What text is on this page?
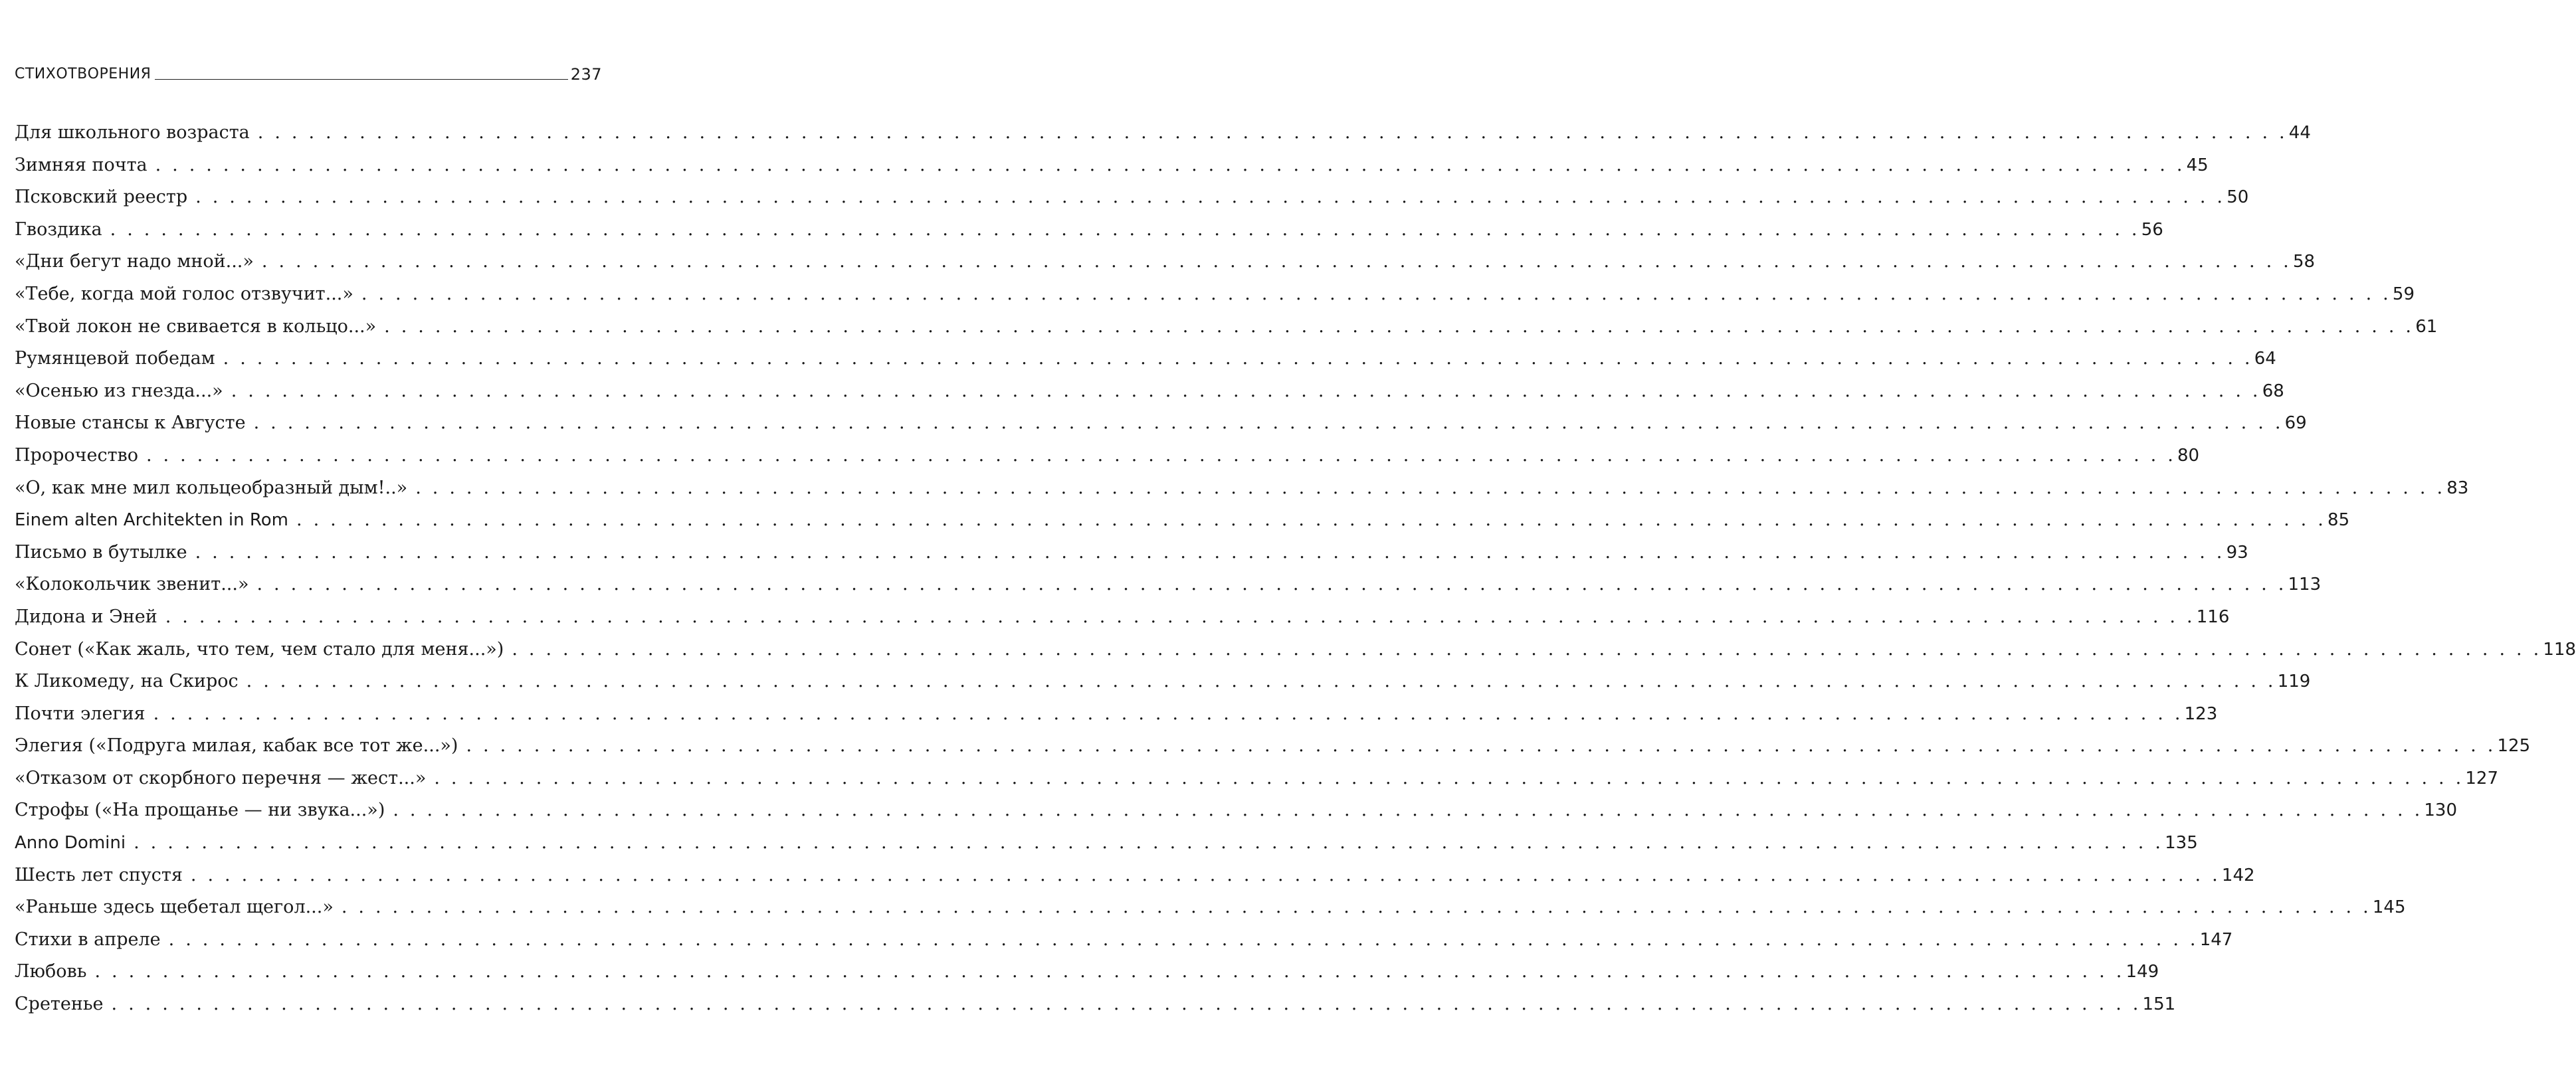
СТИХОТВОРЕНИЯ	237
Для школьного возраста . . . . . . . . . . . . . . . . . . . . . . . . . . . . . . . . . . . . . . . . . . . . . . . . . . . . . . . . . . . . . . . . . . . . . . . . . . . . . . . . . . . . . . . . . . . . . . . . . . . . . . . . . . . . . . . . . . . . . . . . 44
Зимняя почта . . . . . . . . . . . . . . . . . . . . . . . . . . . . . . . . . . . . . . . . . . . . . . . . . . . . . . . . . . . . . . . . . . . . . . . . . . . . . . . . . . . . . . . . . . . . . . . . . . . . . . . . . . . . . . . . . . . . . . . . 45
Псковский реестр . . . . . . . . . . . . . . . . . . . . . . . . . . . . . . . . . . . . . . . . . . . . . . . . . . . . . . . . . . . . . . . . . . . . . . . . . . . . . . . . . . . . . . . . . . . . . . . . . . . . . . . . . . . . . . . . . . . . . . . . 50
Гвоздика . . . . . . . . . . . . . . . . . . . . . . . . . . . . . . . . . . . . . . . . . . . . . . . . . . . . . . . . . . . . . . . . . . . . . . . . . . . . . . . . . . . . . . . . . . . . . . . . . . . . . . . . . . . . . . . . . . . . . . . . 56
«Дни бегут надо мной...» . . . . . . . . . . . . . . . . . . . . . . . . . . . . . . . . . . . . . . . . . . . . . . . . . . . . . . . . . . . . . . . . . . . . . . . . . . . . . . . . . . . . . . . . . . . . . . . . . . . . . . . . . . . . . . . . . . . . . . . . 58
«Тебе, когда мой голос отзвучит...» . . . . . . . . . . . . . . . . . . . . . . . . . . . . . . . . . . . . . . . . . . . . . . . . . . . . . . . . . . . . . . . . . . . . . . . . . . . . . . . . . . . . . . . . . . . . . . . . . . . . . . . . . . . . . . . . . . . . . . . . 59
«Твой локон не свивается в кольцо...» . . . . . . . . . . . . . . . . . . . . . . . . . . . . . . . . . . . . . . . . . . . . . . . . . . . . . . . . . . . . . . . . . . . . . . . . . . . . . . . . . . . . . . . . . . . . . . . . . . . . . . . . . . . . . . . . . . . . . . . . 61
Румянцевой победам . . . . . . . . . . . . . . . . . . . . . . . . . . . . . . . . . . . . . . . . . . . . . . . . . . . . . . . . . . . . . . . . . . . . . . . . . . . . . . . . . . . . . . . . . . . . . . . . . . . . . . . . . . . . . . . . . . . . . . . . 64
«Осенью из гнезда...» . . . . . . . . . . . . . . . . . . . . . . . . . . . . . . . . . . . . . . . . . . . . . . . . . . . . . . . . . . . . . . . . . . . . . . . . . . . . . . . . . . . . . . . . . . . . . . . . . . . . . . . . . . . . . . . . . . . . . . . . 68
Новые стансы к Августе . . . . . . . . . . . . . . . . . . . . . . . . . . . . . . . . . . . . . . . . . . . . . . . . . . . . . . . . . . . . . . . . . . . . . . . . . . . . . . . . . . . . . . . . . . . . . . . . . . . . . . . . . . . . . . . . . . . . . . . . 69
Пророчество . . . . . . . . . . . . . . . . . . . . . . . . . . . . . . . . . . . . . . . . . . . . . . . . . . . . . . . . . . . . . . . . . . . . . . . . . . . . . . . . . . . . . . . . . . . . . . . . . . . . . . . . . . . . . . . . . . . . . . . . 80
«О, как мне мил кольцеобразный дым!..» . . . . . . . . . . . . . . . . . . . . . . . . . . . . . . . . . . . . . . . . . . . . . . . . . . . . . . . . . . . . . . . . . . . . . . . . . . . . . . . . . . . . . . . . . . . . . . . . . . . . . . . . . . . . . . . . . . . . . . . . 83
Einem alten Architekten in Rom . . . . . . . . . . . . . . . . . . . . . . . . . . . . . . . . . . . . . . . . . . . . . . . . . . . . . . . . . . . . . . . . . . . . . . . . . . . . . . . . . . . . . . . . . . . . . . . . . . . . . . . . . . . . . . . . . . . . . . . . 85
Письмо в бутылке . . . . . . . . . . . . . . . . . . . . . . . . . . . . . . . . . . . . . . . . . . . . . . . . . . . . . . . . . . . . . . . . . . . . . . . . . . . . . . . . . . . . . . . . . . . . . . . . . . . . . . . . . . . . . . . . . . . . . . . . 93
«Колокольчик звенит...» . . . . . . . . . . . . . . . . . . . . . . . . . . . . . . . . . . . . . . . . . . . . . . . . . . . . . . . . . . . . . . . . . . . . . . . . . . . . . . . . . . . . . . . . . . . . . . . . . . . . . . . . . . . . . . . . . . . . . . . . 113
Дидона и Эней . . . . . . . . . . . . . . . . . . . . . . . . . . . . . . . . . . . . . . . . . . . . . . . . . . . . . . . . . . . . . . . . . . . . . . . . . . . . . . . . . . . . . . . . . . . . . . . . . . . . . . . . . . . . . . . . . . . . . . . . 116
Сонет («Как жаль, что тем, чем стало для меня...») . . . . . . . . . . . . . . . . . . . . . . . . . . . . . . . . . . . . . . . . . . . . . . . . . . . . . . . . . . . . . . . . . . . . . . . . . . . . . . . . . . . . . . . . . . . . . . . . . . . . . . . . . . . . . . . . . . . . . . . . 118
К Ликомеду, на Скирос . . . . . . . . . . . . . . . . . . . . . . . . . . . . . . . . . . . . . . . . . . . . . . . . . . . . . . . . . . . . . . . . . . . . . . . . . . . . . . . . . . . . . . . . . . . . . . . . . . . . . . . . . . . . . . . . . . . . . . . . 119
Почти элегия . . . . . . . . . . . . . . . . . . . . . . . . . . . . . . . . . . . . . . . . . . . . . . . . . . . . . . . . . . . . . . . . . . . . . . . . . . . . . . . . . . . . . . . . . . . . . . . . . . . . . . . . . . . . . . . . . . . . . . . . 123
Элегия («Подруга милая, кабак все тот же...») . . . . . . . . . . . . . . . . . . . . . . . . . . . . . . . . . . . . . . . . . . . . . . . . . . . . . . . . . . . . . . . . . . . . . . . . . . . . . . . . . . . . . . . . . . . . . . . . . . . . . . . . . . . . . . . . . . . . . . . . 125
«Отказом от скорбного перечня — жест...» . . . . . . . . . . . . . . . . . . . . . . . . . . . . . . . . . . . . . . . . . . . . . . . . . . . . . . . . . . . . . . . . . . . . . . . . . . . . . . . . . . . . . . . . . . . . . . . . . . . . . . . . . . . . . . . . . . . . . . . . 127
Строфы («На прощанье — ни звука...») . . . . . . . . . . . . . . . . . . . . . . . . . . . . . . . . . . . . . . . . . . . . . . . . . . . . . . . . . . . . . . . . . . . . . . . . . . . . . . . . . . . . . . . . . . . . . . . . . . . . . . . . . . . . . . . . . . . . . . . . 130
Anno Domini . . . . . . . . . . . . . . . . . . . . . . . . . . . . . . . . . . . . . . . . . . . . . . . . . . . . . . . . . . . . . . . . . . . . . . . . . . . . . . . . . . . . . . . . . . . . . . . . . . . . . . . . . . . . . . . . . . . . . . . . 135
Шесть лет спустя . . . . . . . . . . . . . . . . . . . . . . . . . . . . . . . . . . . . . . . . . . . . . . . . . . . . . . . . . . . . . . . . . . . . . . . . . . . . . . . . . . . . . . . . . . . . . . . . . . . . . . . . . . . . . . . . . . . . . . . . 142
«Раньше здесь щебетал щегол...» . . . . . . . . . . . . . . . . . . . . . . . . . . . . . . . . . . . . . . . . . . . . . . . . . . . . . . . . . . . . . . . . . . . . . . . . . . . . . . . . . . . . . . . . . . . . . . . . . . . . . . . . . . . . . . . . . . . . . . . . 145
Стихи в апреле . . . . . . . . . . . . . . . . . . . . . . . . . . . . . . . . . . . . . . . . . . . . . . . . . . . . . . . . . . . . . . . . . . . . . . . . . . . . . . . . . . . . . . . . . . . . . . . . . . . . . . . . . . . . . . . . . . . . . . . . 147
Любовь . . . . . . . . . . . . . . . . . . . . . . . . . . . . . . . . . . . . . . . . . . . . . . . . . . . . . . . . . . . . . . . . . . . . . . . . . . . . . . . . . . . . . . . . . . . . . . . . . . . . . . . . . . . . . . . . . . . . . . . . 149
Сретенье . . . . . . . . . . . . . . . . . . . . . . . . . . . . . . . . . . . . . . . . . . . . . . . . . . . . . . . . . . . . . . . . . . . . . . . . . . . . . . . . . . . . . . . . . . . . . . . . . . . . . . . . . . . . . . . . . . . . . . . . 151
